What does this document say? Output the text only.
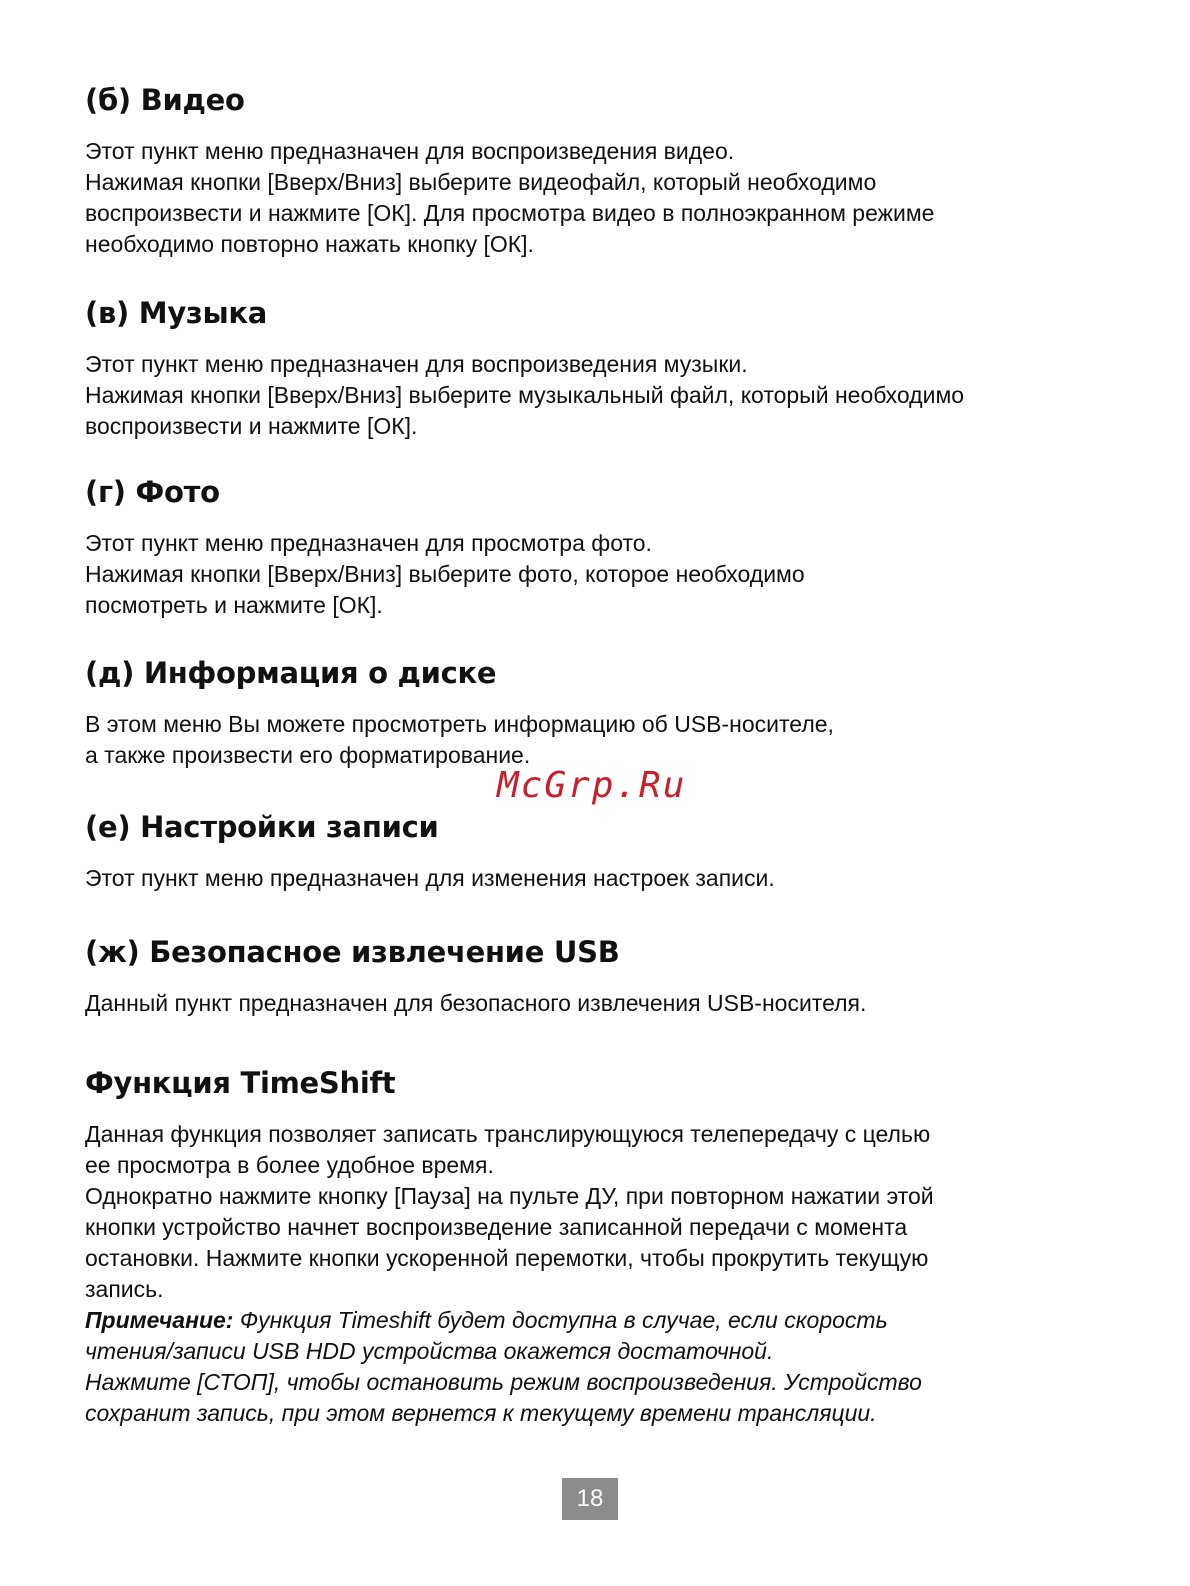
(б) Видео

Этот пункт меню предназначен для воспроизведения видео.

Нажимая кнопки [Вверх/Вниз] выберите видеофайл, который необходимо

воспроизвести и нажмите [ОК]. Для просмотра видео в полноэкранном режиме

необходимо повторно нажать кнопку [ОК].

(в) Музыка

Этот пункт меню предназначен для воспроизведения музыки.

Нажимая кнопки [Вверх/Вниз] выберите музыкальный файл, который необходимо

воспроизвести и нажмите [ОК].

(г) Фото

Этот пункт меню предназначен для просмотра фото.

Нажимая кнопки [Вверх/Вниз] выберите фото, которое необходимо

посмотреть и нажмите [ОК].

(д) Информация о диске

В этом меню Вы можете просмотреть информацию об USB-носителе,

а также произвести его форматирование.

(е) Настройки записи

Этот пункт меню предназначен для изменения настроек записи.

(ж) Безопасное извлечение USB

Данный пункт предназначен для безопасного извлечения USB-носителя.

Функция TimeShift

Данная функция позволяет записать транслирующуюся телепередачу с целью

ее просмотра в более удобное время.

Однократно нажмите кнопку [Пауза] на пульте ДУ, при повторном нажатии этой

кнопки устройство начнет воспроизведение записанной передачи с момента

остановки. Нажмите кнопки ускоренной перемотки, чтобы прокрутить текущую

запись.

Примечание: Функция Timeshift будет доступна в случае, если скорость

чтения/записи USB HDD устройства окажется достаточной.

Нажмите [СТОП], чтобы остановить режим воспроизведения. Устройство

сохранит запись, при этом вернется к текущему времени трансляции.

McGrp.Ru
18
